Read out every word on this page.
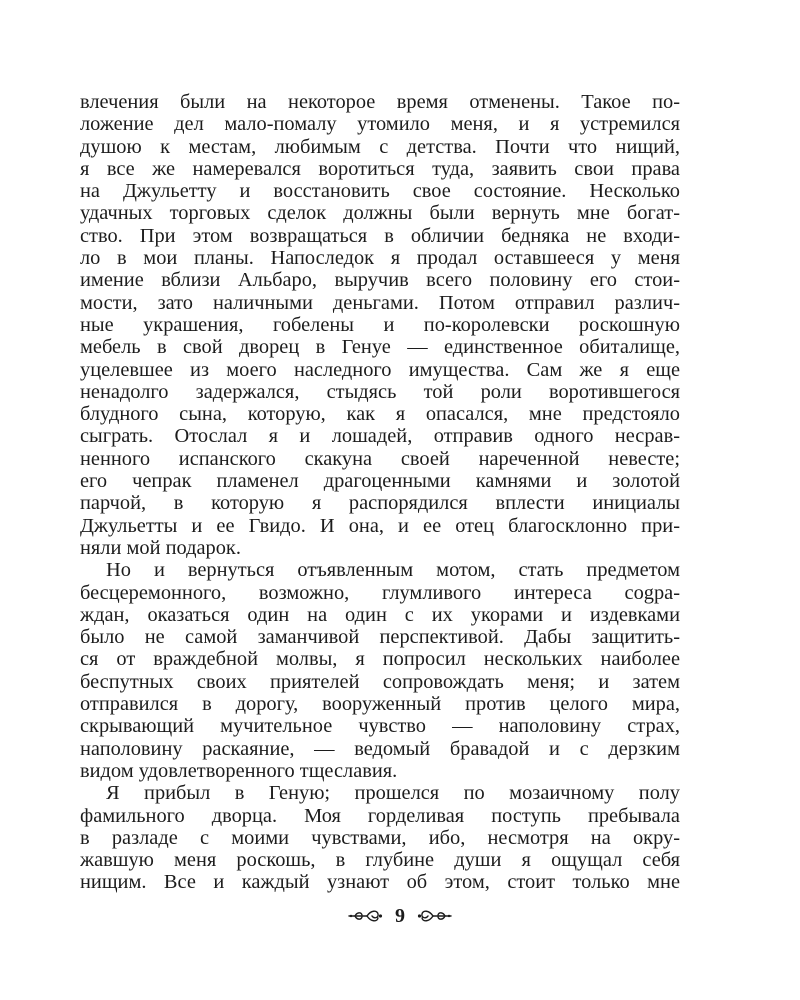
влечения были на некоторое время отменены. Такое по-
ложение дел мало-помалу утомило меня, и я устремился
душою к местам, любимым с детства. Почти что нищий,
я все же намеревался воротиться туда, заявить свои права
на Джульетту и восстановить свое состояние. Несколько
удачных торговых сделок должны были вернуть мне богат-
ство. При этом возвращаться в обличии бедняка не входи-
ло в мои планы. Напоследок я продал оставшееся у меня
имение вблизи Альбаро, выручив всего половину его стои-
мости, зато наличными деньгами. Потом отправил различ-
ные украшения, гобелены и по-королевски роскошную
мебель в свой дворец в Генуе — единственное обиталище,
уцелевшее из моего наследного имущества. Сам же я еще
ненадолго задержался, стыдясь той роли воротившегося
блудного сына, которую, как я опасался, мне предстояло
сыграть. Отослал я и лошадей, отправив одного несрав-
ненного испанского скакуна своей нареченной невесте;
его чепрак пламенел драгоценными камнями и золотой
парчой, в которую я распорядился вплести инициалы
Джульетты и ее Гвидо. И она, и ее отец благосклонно при-
няли мой подарок.
Но и вернуться отъявленным мотом, стать предметом
бесцеремонного, возможно, глумливого интереса сogра-
ждан, оказаться один на один с их укорами и издевками
было не самой заманчивой перспективой. Дабы защитить-
ся от враждебной молвы, я попросил нескольких наиболее
беспутных своих приятелей сопровождать меня; и затем
отправился в дорогу, вооруженный против целого мира,
скрывающий мучительное чувство — наполовину страх,
наполовину раскаяние, — ведомый бравадой и с дерзким
видом удовлетворенного тщеславия.
Я прибыл в Геную; прошелся по мозаичному полу
фамильного дворца. Моя горделивая поступь пребывала
в разладе с моими чувствами, ибо, несмотря на окру-
жавшую меня роскошь, в глубине души я ощущал себя
нищим. Все и каждый узнают об этом, стоит только мне
9
